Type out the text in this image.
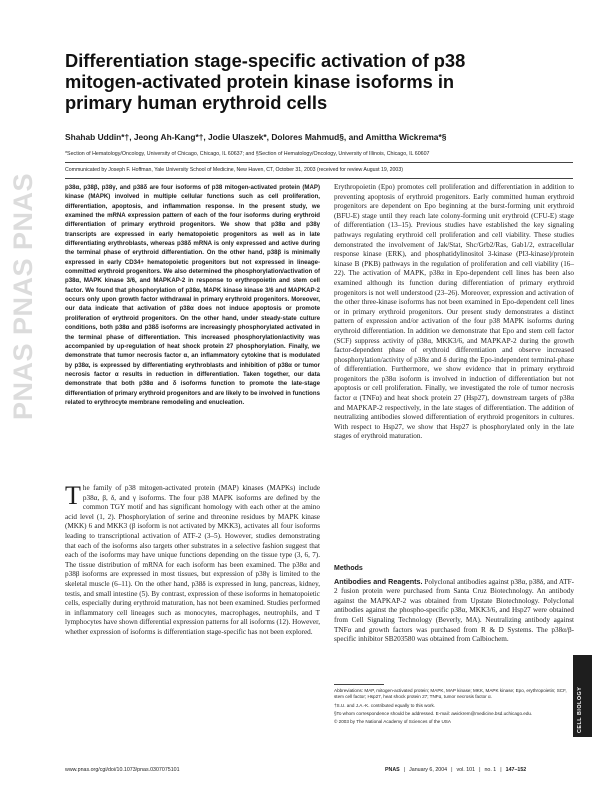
PNAS PNAS PNAS
Differentiation stage-specific activation of p38 mitogen-activated protein kinase isoforms in primary human erythroid cells
Shahab Uddin*†, Jeong Ah-Kang*†, Jodie Ulaszek*, Dolores Mahmud§, and Amittha Wickrema*§
*Section of Hematology/Oncology, University of Chicago, Chicago, IL 60637; and §Section of Hematology/Oncology, University of Illinois, Chicago, IL 60607
Communicated by Joseph F. Hoffman, Yale University School of Medicine, New Haven, CT, October 31, 2003 (received for review August 19, 2003)
p38α, p38β, p38γ, and p38δ are four isoforms of p38 mitogen-activated protein (MAP) kinase (MAPK) involved in multiple cellular functions such as cell proliferation, differentiation, apoptosis, and inflammation response. In the present study, we examined the mRNA expression pattern of each of the four isoforms during erythroid differentiation of primary erythroid progenitors. We show that p38α and p38γ transcripts are expressed in early hematopoietic progenitors as well as in late differentiating erythroblasts, whereas p38δ mRNA is only expressed and active during the terminal phase of erythroid differentiation. On the other hand, p38β is minimally expressed in early CD34+ hematopoietic progenitors but not expressed in lineage-committed erythroid progenitors. We also determined the phosphorylation/activation of p38α, MAPK kinase 3/6, and MAPKAP-2 in response to erythropoietin and stem cell factor. We found that phosphorylation of p38α, MAPK kinase kinase 3/6 and MAPKAP-2 occurs only upon growth factor withdrawal in primary erythroid progenitors. Moreover, our data indicate that activation of p38α does not induce apoptosis or promote proliferation of erythroid progenitors. On the other hand, under steady-state culture conditions, both p38α and p38δ isoforms are increasingly phosphorylated activated in the terminal phase of differentiation. This increased phosphorylation/activity was accompanied by up-regulation of heat shock protein 27 phosphorylation. Finally, we demonstrate that tumor necrosis factor α, an inflammatory cytokine that is modulated by p38α, is expressed by differentiating erythroblasts and inhibition of p38α or tumor necrosis factor α results in reduction in differentiation. Taken together, our data demonstrate that both p38α and δ isoforms function to promote the late-stage differentiation of primary erythroid progenitors and are likely to be involved in functions related to erythrocyte membrane remodeling and enucleation.
The family of p38 mitogen-activated protein (MAP) kinases (MAPKs) include p38α, β, δ, and γ isoforms. The four p38 MAPK isoforms are defined by the common TGY motif and has significant homology with each other at the amino acid level (1, 2). Phosphorylation of serine and threonine residues by MAPK kinase (MKK) 6 and MKK3 (β isoform is not activated by MKK3), activates all four isoforms leading to transcriptional activation of ATF-2 (3–5). However, studies demonstrating that each of the isoforms also targets other substrates in a selective fashion suggest that each of the isoforms may have unique functions depending on the tissue type (3, 6, 7). The tissue distribution of mRNA for each isoform has been examined. The p38α and p38β isoforms are expressed in most tissues, but expression of p38γ is limited to the skeletal muscle (6–11). On the other hand, p38δ is expressed in lung, pancreas, kidney, testis, and small intestine (5). By contrast, expression of these isoforms in hematopoietic cells, especially during erythroid maturation, has not been examined. Studies performed in inflammatory cell lineages such as monocytes, macrophages, neutrophils, and T lymphocytes have shown differential expression patterns for all isoforms (12). However, whether expression of isoforms is differentiation stage-specific has not been explored.
Erythropoietin (Epo) promotes cell proliferation and differentiation in addition to preventing apoptosis of erythroid progenitors. Early committed human erythroid progenitors are dependent on Epo beginning at the burst-forming unit erythroid (BFU-E) stage until they reach late colony-forming unit erythroid (CFU-E) stage of differentiation (13–15). Previous studies have established the key signaling pathways regulating erythroid cell proliferation and cell viability. These studies demonstrated the involvement of Jak/Stat, Shc/Grb2/Ras, Gab1/2, extracellular response kinase (ERK), and phosphatidylinositol 3-kinase (PI3-kinase)/protein kinase B (PKB) pathways in the regulation of proliferation and cell viability (16–22). The activation of MAPK, p38α in Epo-dependent cell lines has been also examined although its function during differentiation of primary erythroid progenitors is not well understood (23–26). Moreover, expression and activation of the other three-kinase isoforms has not been examined in Epo-dependent cell lines or in primary erythroid progenitors. Our present study demonstrates a distinct pattern of expression and/or activation of the four p38 MAPK isoforms during erythroid differentiation. In addition we demonstrate that Epo and stem cell factor (SCF) suppress activity of p38α, MKK3/6, and MAPKAP-2 during the growth factor-dependent phase of erythroid differentiation and observe increased phosphorylation/activity of p38α and δ during the Epo-independent terminal-phase of differentiation. Furthermore, we show evidence that in primary erythroid progenitors the p38α isoform is involved in induction of differentiation but not apoptosis or cell proliferation. Finally, we investigated the role of tumor necrosis factor α (TNFα) and heat shock protein 27 (Hsp27), downstream targets of p38α and MAPKAP-2 respectively, in the late stages of differentiation. The addition of neutralizing antibodies slowed differentiation of erythroid progenitors in cultures. With respect to Hsp27, we show that Hsp27 is phosphorylated only in the late stages of erythroid maturation.
Methods
Antibodies and Reagents. Polyclonal antibodies against p38α, p38δ, and ATF-2 fusion protein were purchased from Santa Cruz Biotechnology. An antibody against the MAPKAP-2 was obtained from Upstate Biotechnology. Polyclonal antibodies against the phospho-specific p38α, MKK3/6, and Hsp27 were obtained from Cell Signaling Technology (Beverly, MA). Neutralizing antibody against TNFα and growth factors was purchased from R & D Systems. The p38α/β-specific inhibitor SB203580 was obtained from Calbiochem.

Abbreviations: MAP, mitogen-activated protein; MAPK, MAP kinase; MKK, MAPK kinase; Epo, erythropoietin; SCF, stem cell factor; Hsp27, heat shock protein 27; TNFα, tumor necrosis factor α.

†S.U. and J.A.-K. contributed equally to this work.

§To whom correspondence should be addressed. E-mail: awickrem@medicine.bsd.uchicago.edu.

© 2003 by The National Academy of Sciences of the USA	CELL BIOLOGY
www.pnas.org/cgi/doi/10.1073/pnas.0307075101	PNAS | January 6, 2004 | vol. 101 | no. 1 | 147–152
